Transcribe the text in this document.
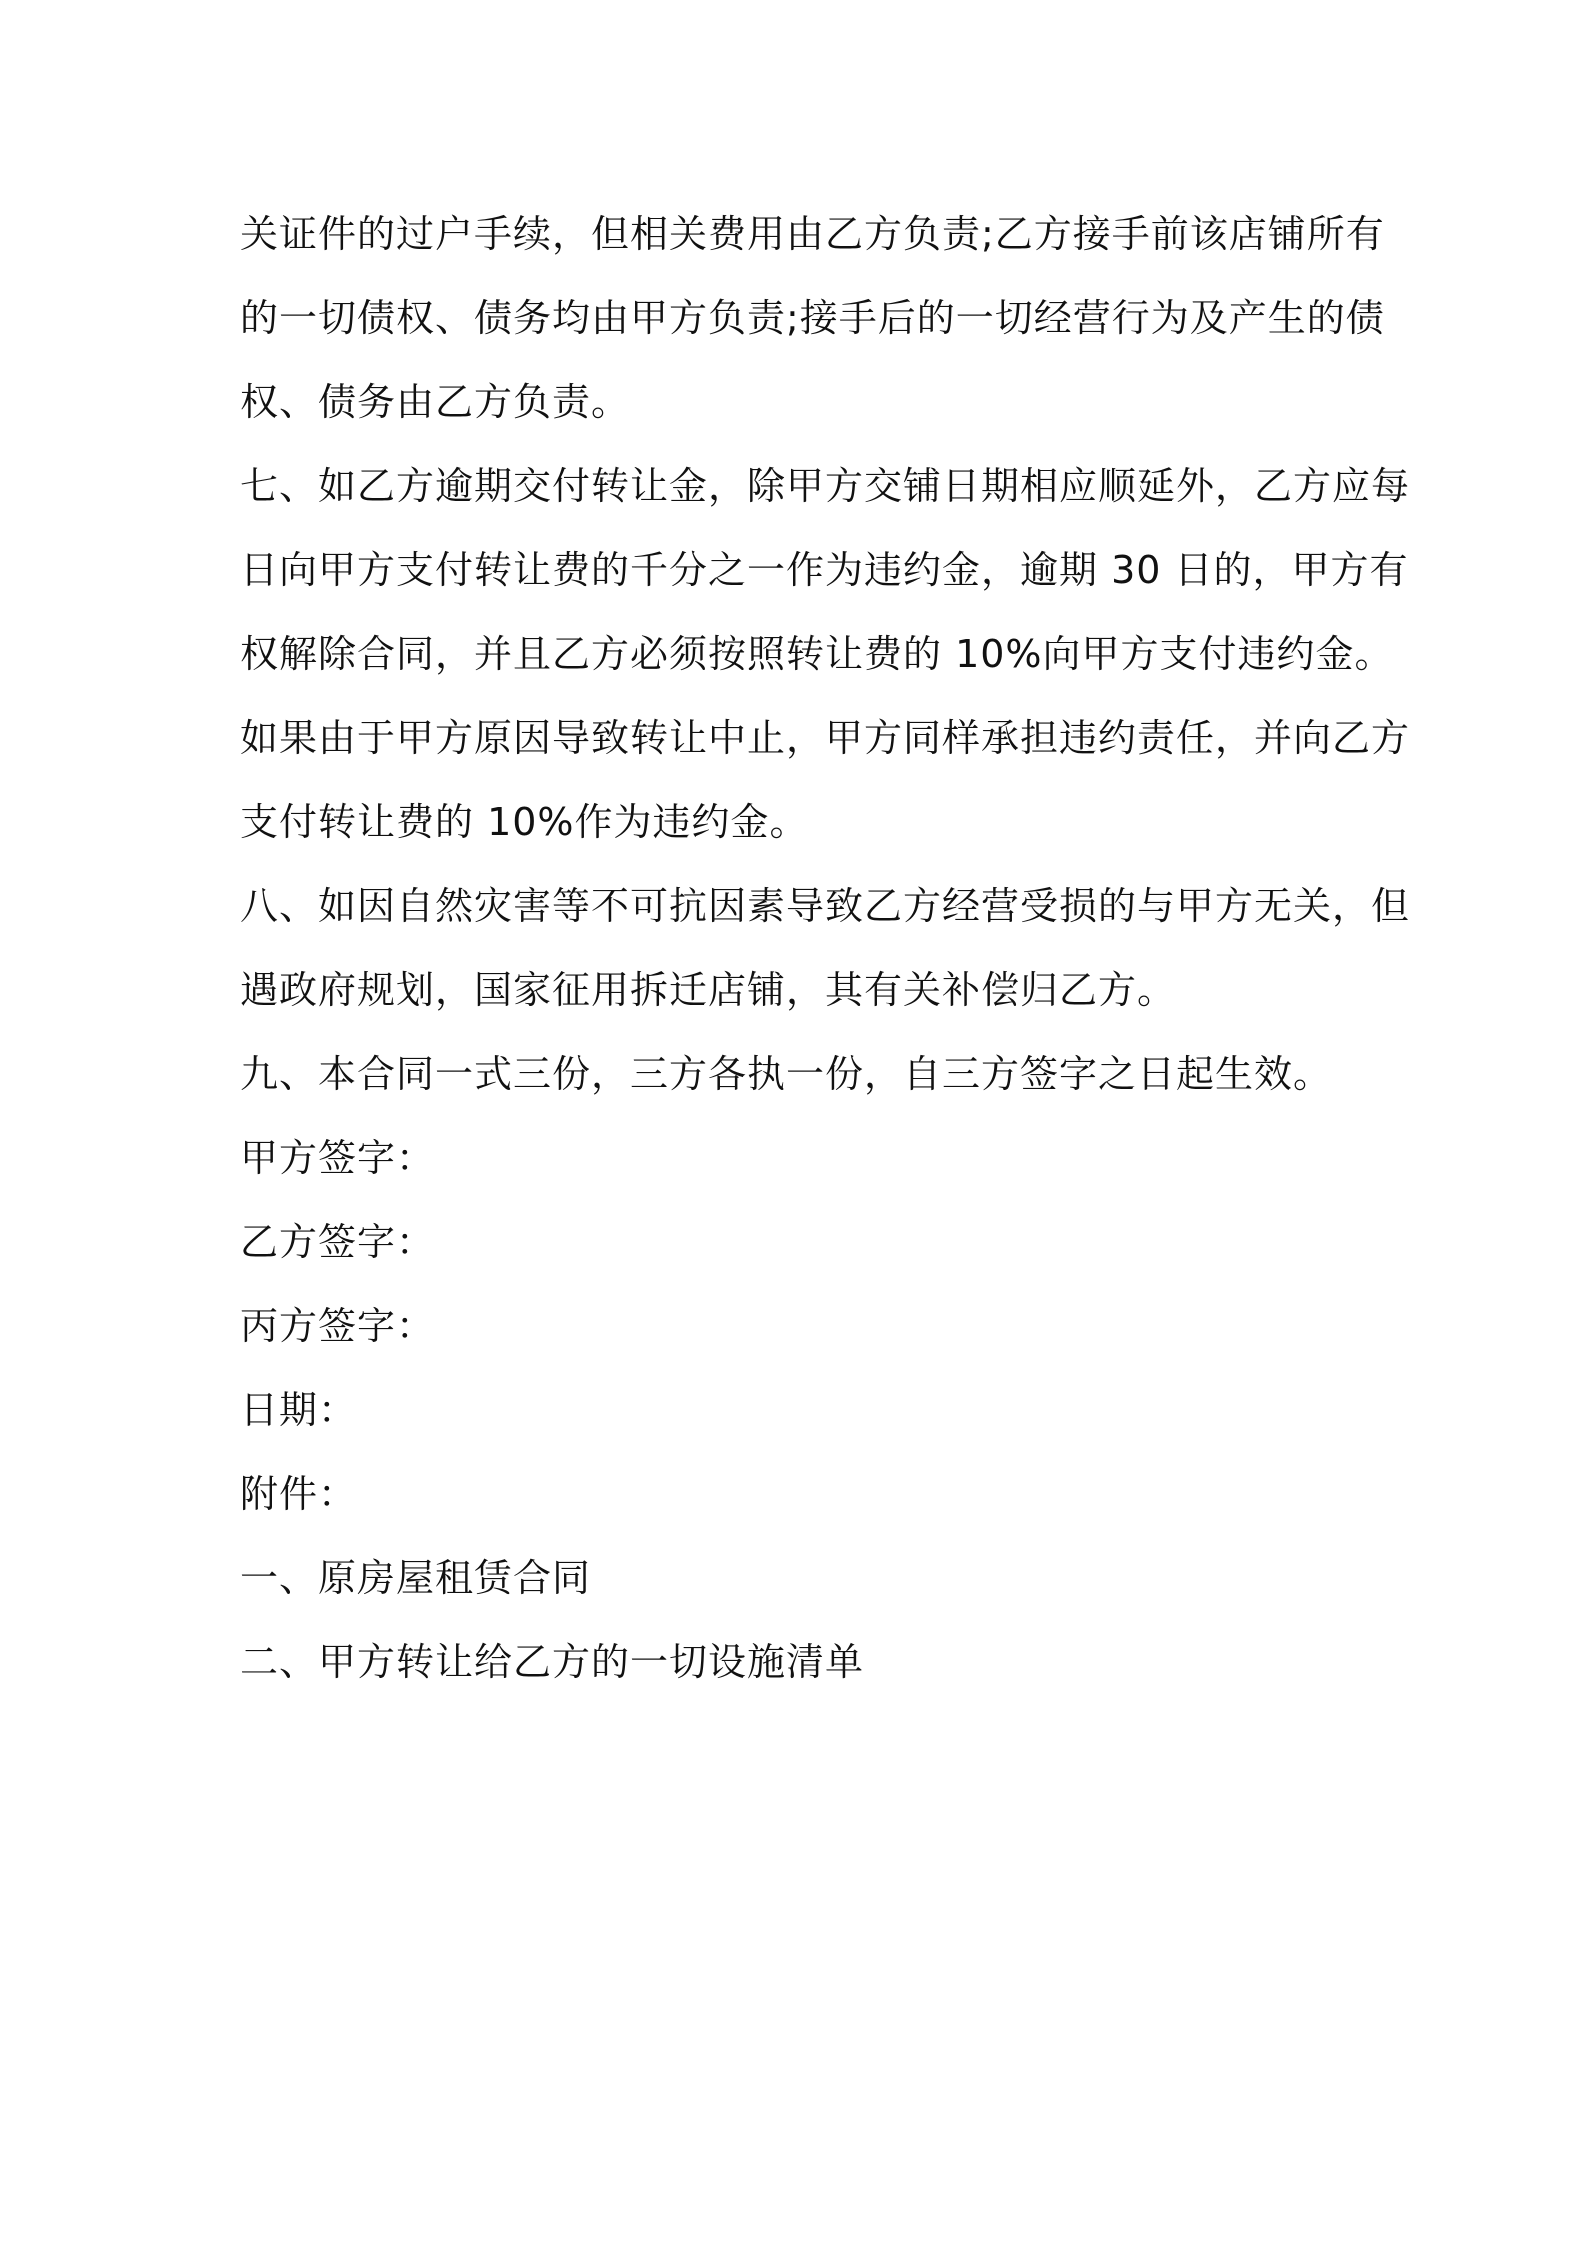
关证件的过户手续，但相关费用由乙方负责;乙方接手前该店铺所有
的一切债权、债务均由甲方负责;接手后的一切经营行为及产生的债
权、债务由乙方负责。

七、如乙方逾期交付转让金，除甲方交铺日期相应顺延外，乙方应每
日向甲方支付转让费的千分之一作为违约金，逾期 30 日的，甲方有
权解除合同，并且乙方必须按照转让费的 10%向甲方支付违约金。

如果由于甲方原因导致转让中止，甲方同样承担违约责任，并向乙方
支付转让费的 10%作为违约金。

八、如因自然灾害等不可抗因素导致乙方经营受损的与甲方无关，但
遇政府规划，国家征用拆迁店铺，其有关补偿归乙方。

九、本合同一式三份，三方各执一份，自三方签字之日起生效。

甲方签字：

乙方签字：

丙方签字：

日期：

附件：

一、原房屋租赁合同

二、甲方转让给乙方的一切设施清单
